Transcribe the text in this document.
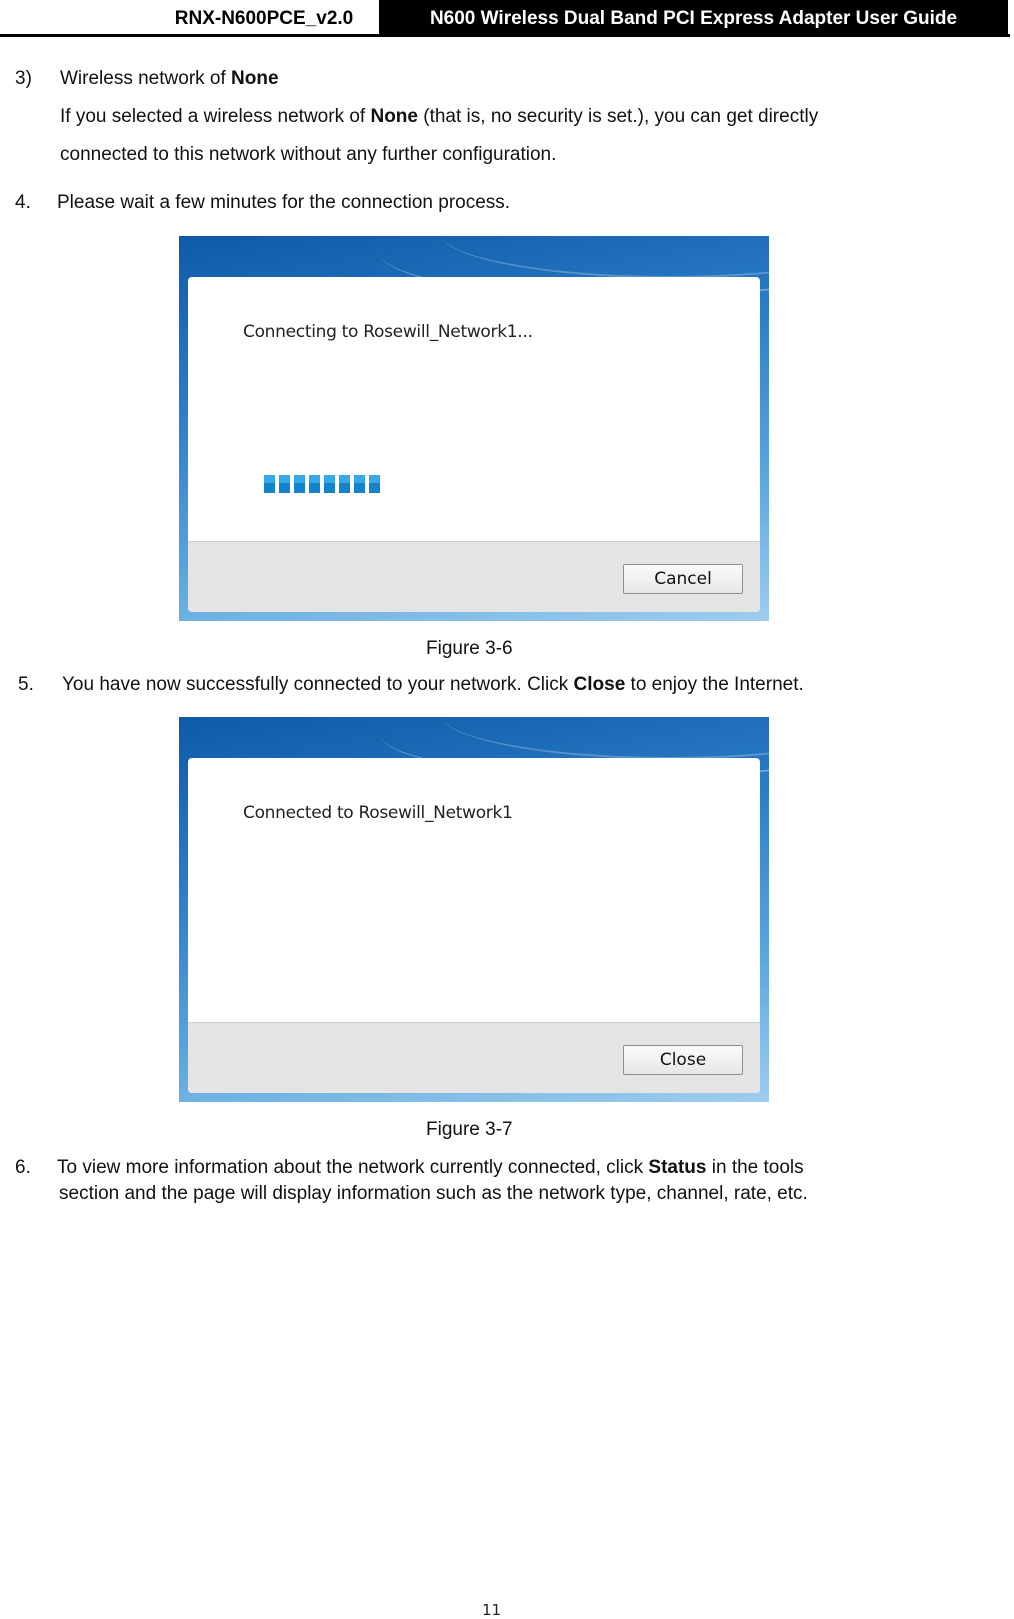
RNX-N600PCE_v2.0	N600 Wireless Dual Band PCI Express Adapter User Guide
3) Wireless network of None
If you selected a wireless network of None (that is, no security is set.), you can get directly
connected to this network without any further configuration.
4. Please wait a few minutes for the connection process.
Connecting to Rosewill_Network1...
Cancel
Figure 3-6
5. You have now successfully connected to your network. Click Close to enjoy the Internet.
Connected to Rosewill_Network1
Close
Figure 3-7
6. To view more information about the network currently connected, click Status in the tools
section and the page will display information such as the network type, channel, rate, etc.
11
